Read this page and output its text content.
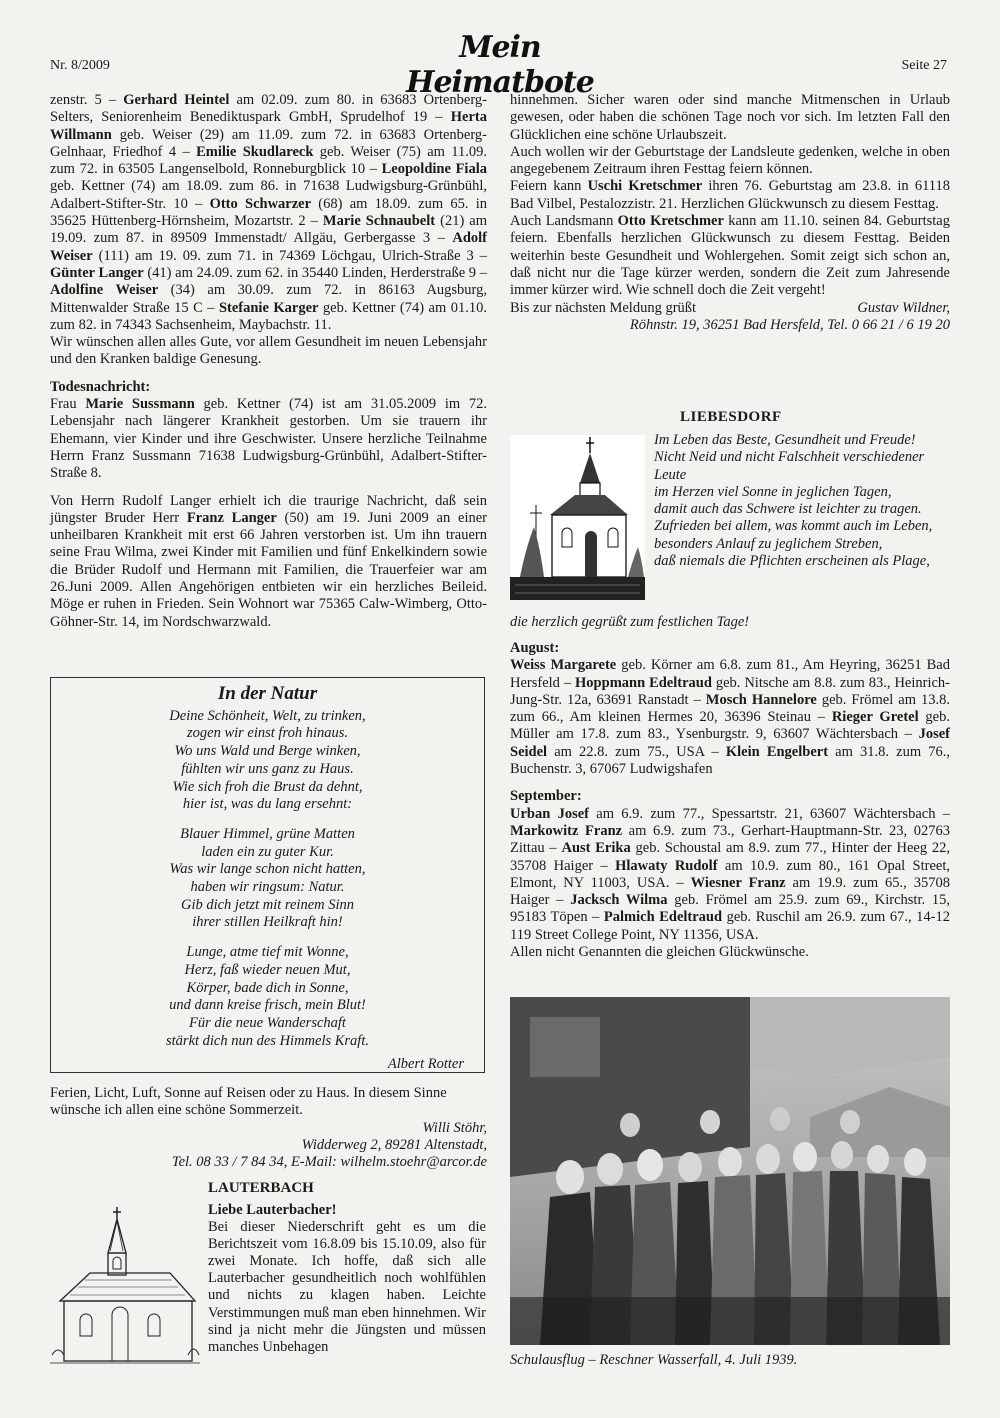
Nr. 8/2009
Mein Heimatbote	Seite 27

zenstr. 5 – Gerhard Heintel am 02.09. zum 80. in 63683 Ortenberg-Selters, Seniorenheim Benediktuspark GmbH, Sprudelhof 19 – Herta Willmann geb. Weiser (29) am 11.09. zum 72. in 63683 Ortenberg-Gelnhaar, Friedhof 4 – Emilie Skudlareck geb. Weiser (75) am 11.09. zum 72. in 63505 Langenselbold, Ronneburgblick 10 – Leopoldine Fiala geb. Kettner (74) am 18.09. zum 86. in 71638 Ludwigsburg-Grünbühl, Adalbert-Stifter-Str. 10 – Otto Schwarzer (68) am 18.09. zum 65. in 35625 Hüttenberg-Hörnsheim, Mozartstr. 2 – Marie Schnaubelt (21) am 19.09. zum 87. in 89509 Immenstadt/ Allgäu, Gerbergasse 3 – Adolf Weiser (111) am 19. 09. zum 71. in 74369 Löchgau, Ulrich-Straße 3 – Günter Langer (41) am 24.09. zum 62. in 35440 Linden, Herderstraße 9 – Adolfine Weiser (34) am 30.09. zum 72. in 86163 Augsburg, Mittenwalder Straße 15 C – Stefanie Karger geb. Kettner (74) am 01.10. zum 82. in 74343 Sachsenheim, Maybachstr. 11.

Wir wünschen allen alles Gute, vor allem Gesundheit im neuen Lebensjahr und den Kranken baldige Genesung.

Todesnachricht:

Frau Marie Sussmann geb. Kettner (74) ist am 31.05.2009 im 72. Lebensjahr nach längerer Krankheit gestorben. Um sie trauern ihr Ehemann, vier Kinder und ihre Geschwister. Unsere herzliche Teilnahme Herrn Franz Sussmann 71638 Ludwigsburg-Grünbühl, Adalbert-Stifter-Straße 8.

Von Herrn Rudolf Langer erhielt ich die traurige Nachricht, daß sein jüngster Bruder Herr Franz Langer (50) am 19. Juni 2009 an einer unheilbaren Krankheit mit erst 66 Jahren verstorben ist. Um ihn trauern seine Frau Wilma, zwei Kinder mit Familien und fünf Enkelkindern sowie die Brüder Rudolf und Hermann mit Familien, die Trauerfeier war am 26.Juni 2009. Allen Angehörigen entbieten wir ein herzliches Beileid. Möge er ruhen in Frieden. Sein Wohnort war 75365 Calw-Wimberg, Otto-Göhner-Str. 14, im Nordschwarzwald.

In der Natur
Deine Schönheit, Welt, zu trinken,
zogen wir einst froh hinaus.
Wo uns Wald und Berge winken,
fühlten wir uns ganz zu Haus.
Wie sich froh die Brust da dehnt,
hier ist, was du lang ersehnt:
Blauer Himmel, grüne Matten
laden ein zu guter Kur.
Was wir lange schon nicht hatten,
haben wir ringsum: Natur.
Gib dich jetzt mit reinem Sinn
ihrer stillen Heilkraft hin!
Lunge, atme tief mit Wonne,
Herz, faß wieder neuen Mut,
Körper, bade dich in Sonne,
und dann kreise frisch, mein Blut!
Für die neue Wanderschaft
stärkt dich nun des Himmels Kraft.
Albert Rotter

Ferien, Licht, Luft, Sonne auf Reisen oder zu Haus. In diesem Sinne wünsche ich allen eine schöne Sommerzeit.

Willi Stöhr,

Widderweg 2, 89281 Altenstadt,

Tel. 08 33 / 7 84 34, E-Mail: wilhelm.stoehr@arcor.de

LAUTERBACH

Liebe Lauterbacher!

Bei dieser Niederschrift geht es um die Berichtszeit vom 16.8.09 bis 15.10.09, also für zwei Monate. Ich hoffe, daß sich alle Lauterbacher gesundheitlich noch wohlfühlen und nichts zu klagen haben. Leichte Verstimmungen muß man eben hinnehmen. Wir sind ja nicht mehr die Jüngsten und müssen manches Unbehagen

hinnehmen. Sicher waren oder sind manche Mitmenschen in Urlaub gewesen, oder haben die schönen Tage noch vor sich. Im letzten Fall den Glücklichen eine schöne Urlaubszeit.
Auch wollen wir der Geburtstage der Landsleute gedenken, welche in oben angegebenem Zeitraum ihren Festtag feiern können.
Feiern kann Uschi Kretschmer ihren 76. Geburtstag am 23.8. in 61118 Bad Vilbel, Pestalozzistr. 21. Herzlichen Glückwunsch zu diesem Festtag.
Auch Landsmann Otto Kretschmer kann am 11.10. seinen 84. Geburtstag feiern. Ebenfalls herzlichen Glückwunsch zu diesem Festtag. Beiden weiterhin beste Gesundheit und Wohlergehen. Somit zeigt sich schon an, daß nicht nur die Tage kürzer werden, sondern die Zeit zum Jahresende immer kürzer wird. Wie schnell doch die Zeit vergeht!

Bis zur nächsten Meldung grüßt	Gustav Wildner,

Röhnstr. 19, 36251 Bad Hersfeld, Tel. 0 66 21 / 6 19 20

LIEBESDORF
Im Leben das Beste, Gesundheit und Freude!
Nicht Neid und nicht Falschheit verschiedener Leute
im Herzen viel Sonne in jeglichen Tagen,
damit auch das Schwere ist leichter zu tragen.
Zufrieden bei allem, was kommt auch im Leben,
besonders Anlauf zu jeglichem Streben,
daß niemals die Pflichten erscheinen als Plage,
die herzlich gegrüßt zum festlichen Tage!

August:

Weiss Margarete geb. Körner am 6.8. zum 81., Am Heyring, 36251 Bad Hersfeld – Hoppmann Edeltraud geb. Nitsche am 8.8. zum 83., Heinrich-Jung-Str. 12a, 63691 Ranstadt – Mosch Hannelore geb. Frömel am 13.8. zum 66., Am kleinen Hermes 20, 36396 Steinau – Rieger Gretel geb. Müller am 17.8. zum 83., Ysenburgstr. 9, 63607 Wächtersbach – Josef Seidel am 22.8. zum 75., USA – Klein Engelbert am 31.8. zum 76., Buchenstr. 3, 67067 Ludwigshafen

September:

Urban Josef am 6.9. zum 77., Spessartstr. 21, 63607 Wächtersbach – Markowitz Franz am 6.9. zum 73., Gerhart-Hauptmann-Str. 23, 02763 Zittau – Aust Erika geb. Schoustal am 8.9. zum 77., Hinter der Heeg 22, 35708 Haiger – Hlawaty Rudolf am 10.9. zum 80., 161 Opal Street, Elmont, NY 11003, USA. – Wiesner Franz am 19.9. zum 65., 35708 Haiger – Jacksch Wilma geb. Frömel am 25.9. zum 69., Kirchstr. 15, 95183 Töpen – Palmich Edeltraud geb. Ruschil am 26.9. zum 67., 14-12 119 Street College Point, NY 11356, USA.

Allen nicht Genannten die gleichen Glückwünsche.

Schulausflug – Reschner Wasserfall, 4. Juli 1939.
